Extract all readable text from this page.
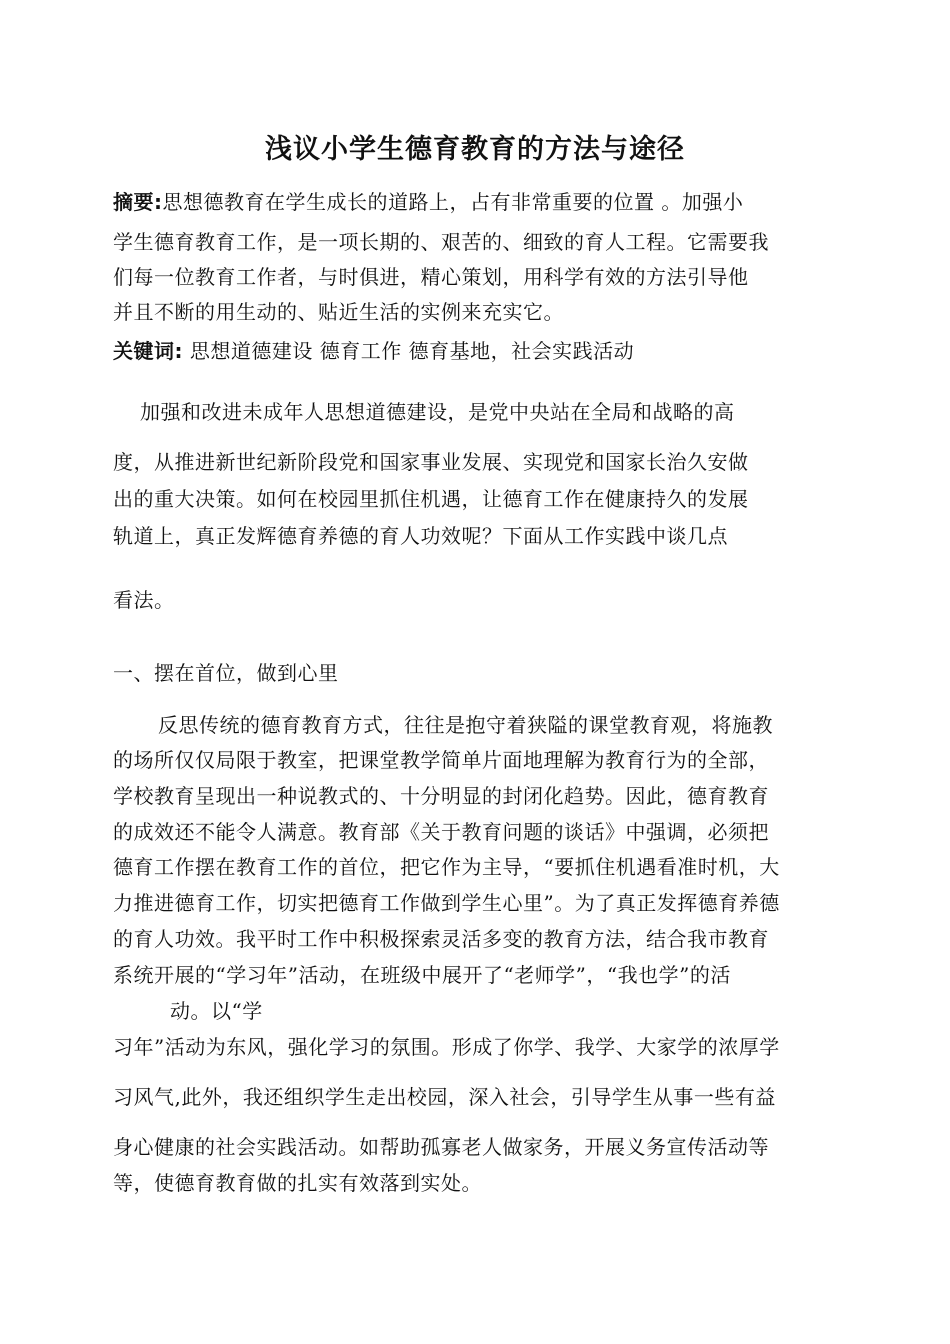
浅议小学生德育教育的方法与途径
摘要:思想德教育在学生成长的道路上，占有非常重要的位置 。加强小
学生德育教育工作，是一项长期的、艰苦的、细致的育人工程。它需要我
们每一位教育工作者，与时俱进，精心策划，用科学有效的方法引导他
并且不断的用生动的、贴近生活的实例来充实它。
关键词: 思想道德建设 德育工作 德育基地，社会实践活动
加强和改进未成年人思想道德建设，是党中央站在全局和战略的高
度，从推进新世纪新阶段党和国家事业发展、实现党和国家长治久安做
出的重大决策。如何在校园里抓住机遇，让德育工作在健康持久的发展
轨道上，真正发辉德育养德的育人功效呢？下面从工作实践中谈几点
看法。
一、摆在首位，做到心里
反思传统的德育教育方式，往往是抱守着狭隘的课堂教育观，将施教
的场所仅仅局限于教室，把课堂教学简单片面地理解为教育行为的全部，
学校教育呈现出一种说教式的、十分明显的封闭化趋势。因此，德育教育
的成效还不能令人满意。教育部《关于教育问题的谈话》中强调，必须把
德育工作摆在教育工作的首位，把它作为主导，“要抓住机遇看准时机，大
力推进德育工作，切实把德育工作做到学生心里”。为了真正发挥德育养德
的育人功效。我平时工作中积极探索灵活多变的教育方法，结合我市教育
系统开展的“学习年”活动，在班级中展开了“老师学”，“我也学”的活
动。以“学
习年”活动为东风，强化学习的氛围。形成了你学、我学、大家学的浓厚学
习风气,此外，我还组织学生走出校园，深入社会，引导学生从事一些有益
身心健康的社会实践活动。如帮助孤寡老人做家务，开展义务宣传活动等
等，使德育教育做的扎实有效落到实处。
